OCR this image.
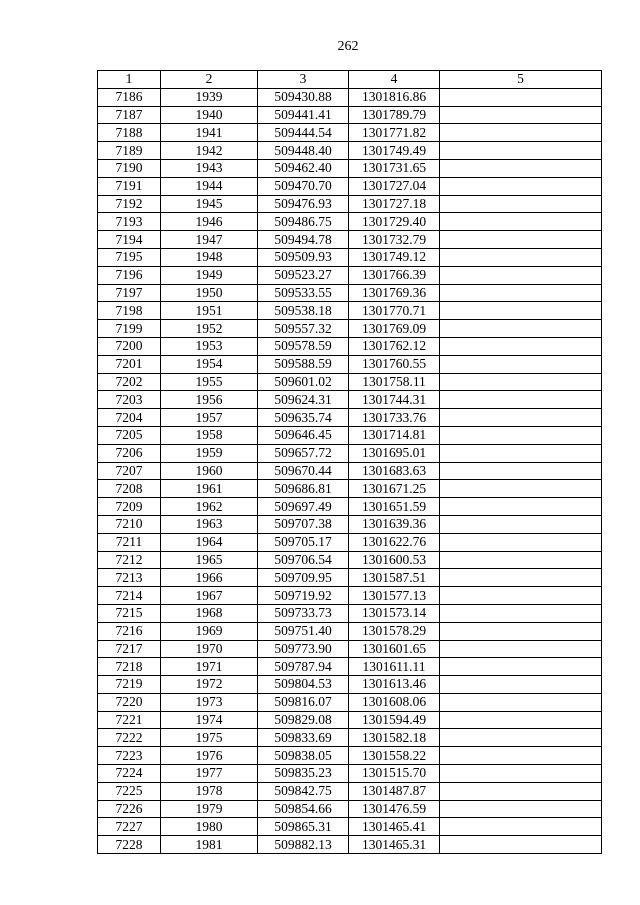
262
1	2	3	4	5
7186	1939	509430.88	1301816.86	
7187	1940	509441.41	1301789.79	
7188	1941	509444.54	1301771.82	
7189	1942	509448.40	1301749.49	
7190	1943	509462.40	1301731.65	
7191	1944	509470.70	1301727.04	
7192	1945	509476.93	1301727.18	
7193	1946	509486.75	1301729.40	
7194	1947	509494.78	1301732.79	
7195	1948	509509.93	1301749.12	
7196	1949	509523.27	1301766.39	
7197	1950	509533.55	1301769.36	
7198	1951	509538.18	1301770.71	
7199	1952	509557.32	1301769.09	
7200	1953	509578.59	1301762.12	
7201	1954	509588.59	1301760.55	
7202	1955	509601.02	1301758.11	
7203	1956	509624.31	1301744.31	
7204	1957	509635.74	1301733.76	
7205	1958	509646.45	1301714.81	
7206	1959	509657.72	1301695.01	
7207	1960	509670.44	1301683.63	
7208	1961	509686.81	1301671.25	
7209	1962	509697.49	1301651.59	
7210	1963	509707.38	1301639.36	
7211	1964	509705.17	1301622.76	
7212	1965	509706.54	1301600.53	
7213	1966	509709.95	1301587.51	
7214	1967	509719.92	1301577.13	
7215	1968	509733.73	1301573.14	
7216	1969	509751.40	1301578.29	
7217	1970	509773.90	1301601.65	
7218	1971	509787.94	1301611.11	
7219	1972	509804.53	1301613.46	
7220	1973	509816.07	1301608.06	
7221	1974	509829.08	1301594.49	
7222	1975	509833.69	1301582.18	
7223	1976	509838.05	1301558.22	
7224	1977	509835.23	1301515.70	
7225	1978	509842.75	1301487.87	
7226	1979	509854.66	1301476.59	
7227	1980	509865.31	1301465.41	
7228	1981	509882.13	1301465.31	
